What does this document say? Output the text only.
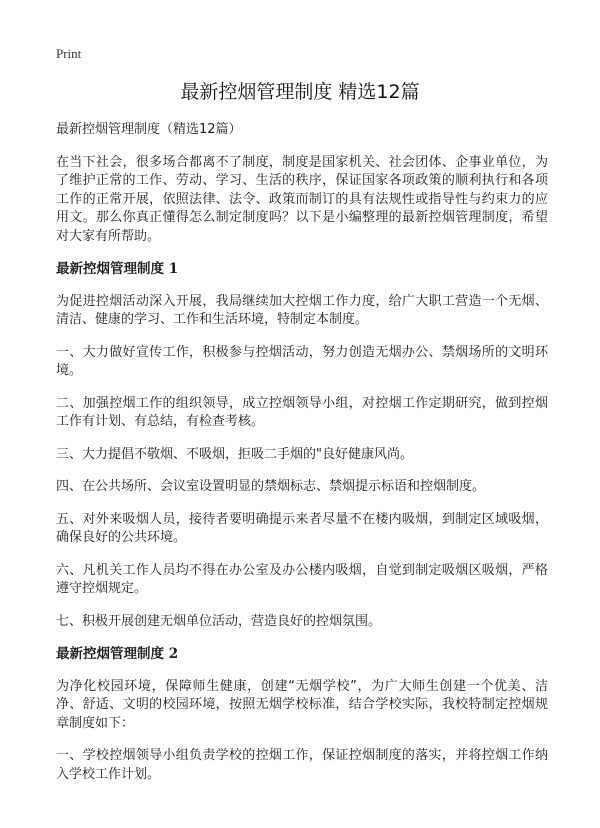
Print
最新控烟管理制度 精选12篇

最新控烟管理制度（精选12篇）

在当下社会，很多场合都离不了制度，制度是国家机关、社会团体、企事业单位，为了维护正常的工作、劳动、学习、生活的秩序，保证国家各项政策的顺利执行和各项工作的正常开展，依照法律、法令、政策而制订的具有法规性或指导性与约束力的应用文。那么你真正懂得怎么制定制度吗？以下是小编整理的最新控烟管理制度，希望对大家有所帮助。

最新控烟管理制度 1

为促进控烟活动深入开展，我局继续加大控烟工作力度，给广大职工营造一个无烟、清洁、健康的学习、工作和生活环境，特制定本制度。

一、大力做好宣传工作，积极参与控烟活动，努力创造无烟办公、禁烟场所的文明环境。

二、加强控烟工作的组织领导，成立控烟领导小组，对控烟工作定期研究，做到控烟工作有计划、有总结，有检查考核。

三、大力提倡不敬烟、不吸烟，拒吸二手烟的"良好健康风尚。

四、在公共场所、会议室设置明显的禁烟标志、禁烟提示标语和控烟制度。

五、对外来吸烟人员，接待者要明确提示来者尽量不在楼内吸烟，到制定区域吸烟，确保良好的公共环境。

六、凡机关工作人员均不得在办公室及办公楼内吸烟，自觉到制定吸烟区吸烟，严格遵守控烟规定。

七、积极开展创建无烟单位活动，营造良好的控烟氛围。

最新控烟管理制度 2

为净化校园环境，保障师生健康，创建“无烟学校”，为广大师生创建一个优美、洁净、舒适、文明的校园环境，按照无烟学校标准，结合学校实际，我校特制定控烟规章制度如下：

一、学校控烟领导小组负责学校的控烟工作，保证控烟制度的落实，并将控烟工作纳入学校工作计划。
